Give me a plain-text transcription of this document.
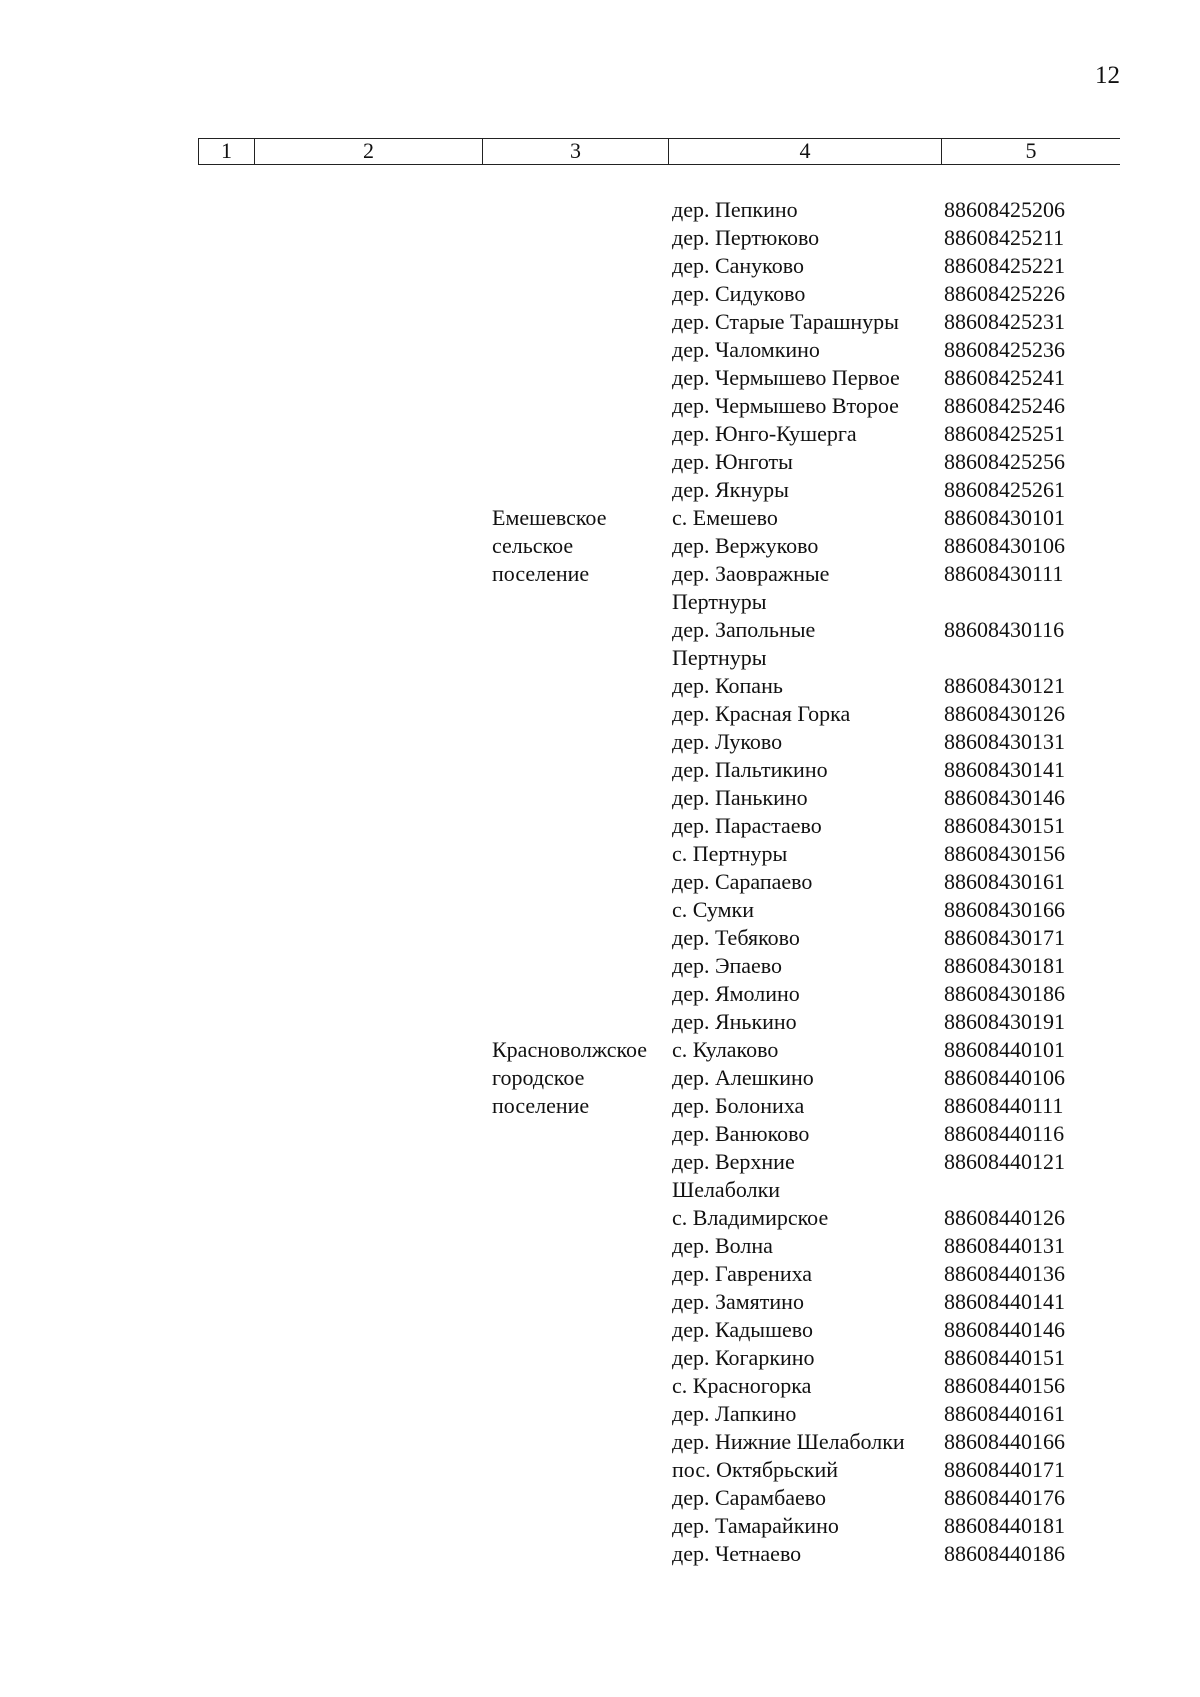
12
1	2	3	4	5
дер. Пепкино	88608425206
дер. Пертюково	88608425211
дер. Сануково	88608425221
дер. Сидуково	88608425226
дер. Старые Тарашнуры	88608425231
дер. Чаломкино	88608425236
дер. Чермышево Первое	88608425241
дер. Чермышево Второе	88608425246
дер. Юнго-Кушерга	88608425251
дер. Юнготы	88608425256
дер. Якнуры	88608425261
Емешевское	с. Емешево	88608430101
сельское	дер. Вержуково	88608430106
поселение	дер. Заовражные	88608430111
Пертнуры
дер. Запольные	88608430116
Пертнуры
дер. Копань	88608430121
дер. Красная Горка	88608430126
дер. Луково	88608430131
дер. Пальтикино	88608430141
дер. Панькино	88608430146
дер. Парастаево	88608430151
с. Пертнуры	88608430156
дер. Сарапаево	88608430161
с. Сумки	88608430166
дер. Тебяково	88608430171
дер. Эпаево	88608430181
дер. Ямолино	88608430186
дер. Янькино	88608430191
Красноволжское	с. Кулаково	88608440101
городское	дер. Алешкино	88608440106
поселение	дер. Болониха	88608440111
дер. Ванюково	88608440116
дер. Верхние	88608440121
Шелаболки
с. Владимирское	88608440126
дер. Волна	88608440131
дер. Гаврениха	88608440136
дер. Замятино	88608440141
дер. Кадышево	88608440146
дер. Когаркино	88608440151
с. Красногорка	88608440156
дер. Лапкино	88608440161
дер. Нижние Шелаболки	88608440166
пос. Октябрьский	88608440171
дер. Сарамбаево	88608440176
дер. Тамарайкино	88608440181
дер. Четнаево	88608440186
